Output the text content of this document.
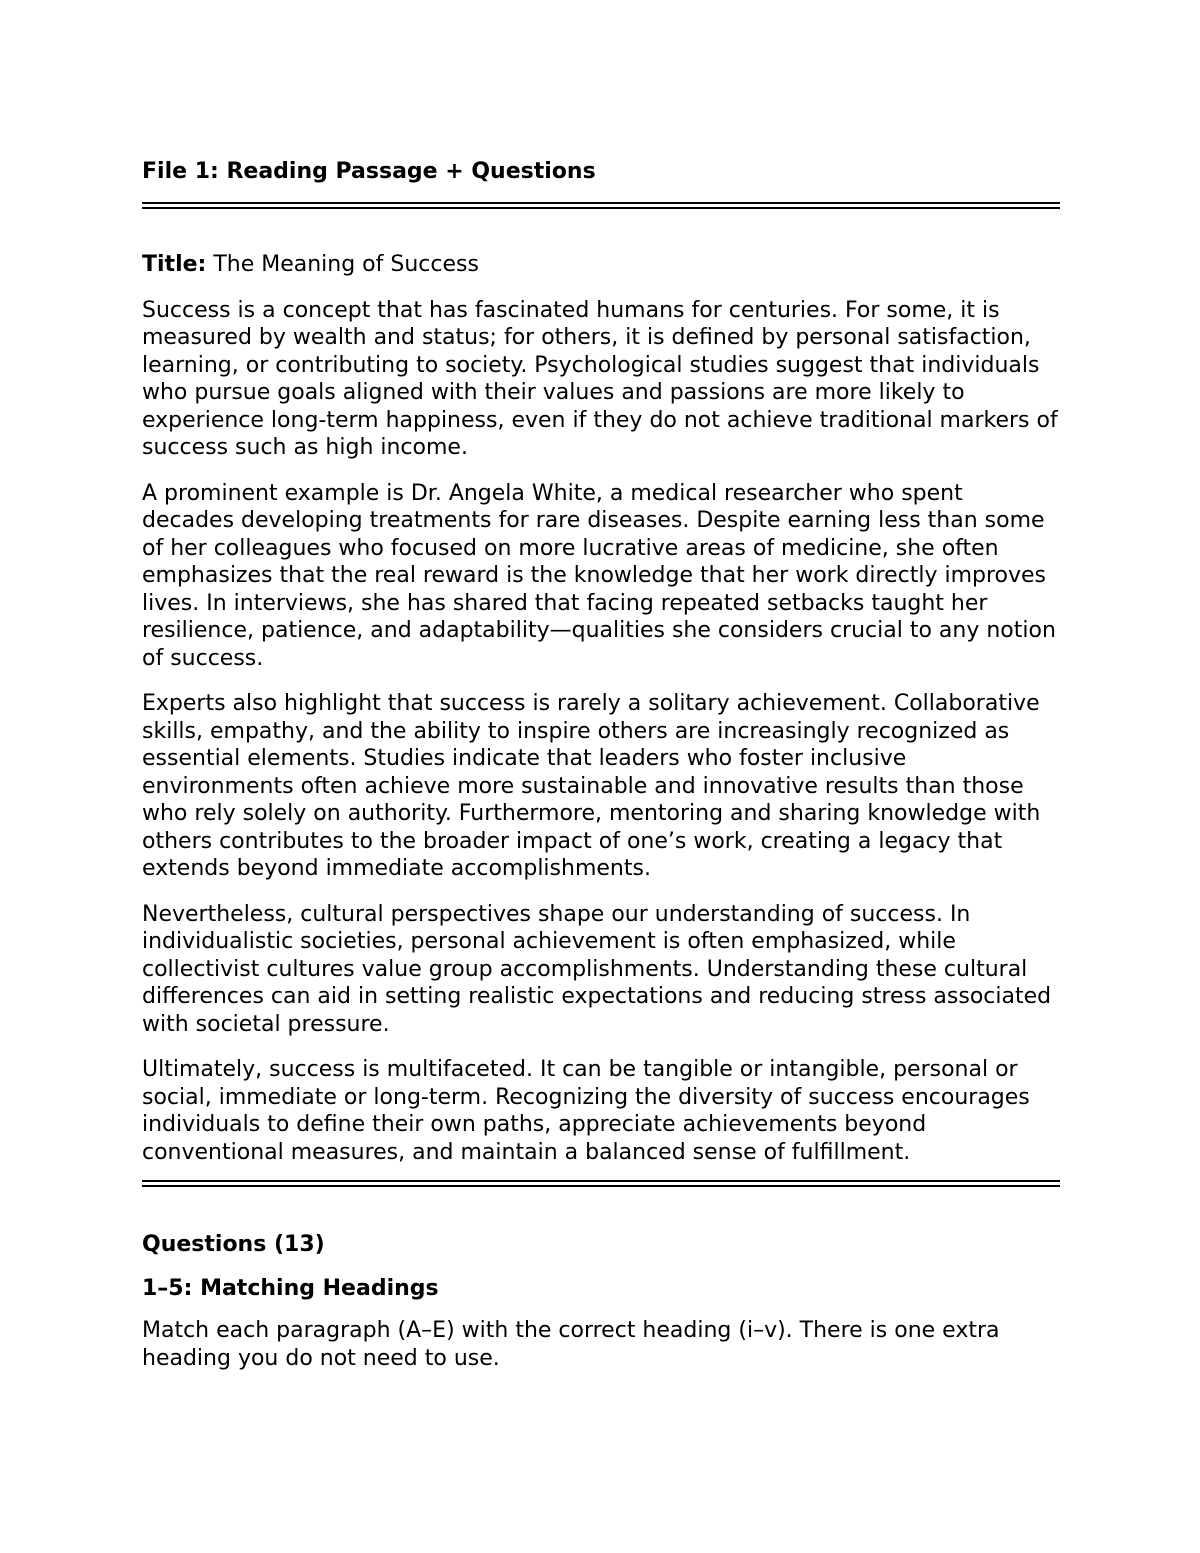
File 1: Reading Passage + Questions
Title: The Meaning of Success

Success is a concept that has fascinated humans for centuries. For some, it is measured by wealth and status; for others, it is defined by personal satisfaction, learning, or contributing to society. Psychological studies suggest that individuals who pursue goals aligned with their values and passions are more likely to experience long-term happiness, even if they do not achieve traditional markers of success such as high income.

A prominent example is Dr. Angela White, a medical researcher who spent decades developing treatments for rare diseases. Despite earning less than some of her colleagues who focused on more lucrative areas of medicine, she often emphasizes that the real reward is the knowledge that her work directly improves lives. In interviews, she has shared that facing repeated setbacks taught her resilience, patience, and adaptability—qualities she considers crucial to any notion of success.

Experts also highlight that success is rarely a solitary achievement. Collaborative skills, empathy, and the ability to inspire others are increasingly recognized as essential elements. Studies indicate that leaders who foster inclusive environments often achieve more sustainable and innovative results than those who rely solely on authority. Furthermore, mentoring and sharing knowledge with others contributes to the broader impact of one’s work, creating a legacy that extends beyond immediate accomplishments.

Nevertheless, cultural perspectives shape our understanding of success. In individualistic societies, personal achievement is often emphasized, while collectivist cultures value group accomplishments. Understanding these cultural differences can aid in setting realistic expectations and reducing stress associated with societal pressure.

Ultimately, success is multifaceted. It can be tangible or intangible, personal or social, immediate or long-term. Recognizing the diversity of success encourages individuals to define their own paths, appreciate achievements beyond conventional measures, and maintain a balanced sense of fulfillment.

Questions (13)
1–5: Matching Headings

Match each paragraph (A–E) with the correct heading (i–v). There is one extra heading you do not need to use.
